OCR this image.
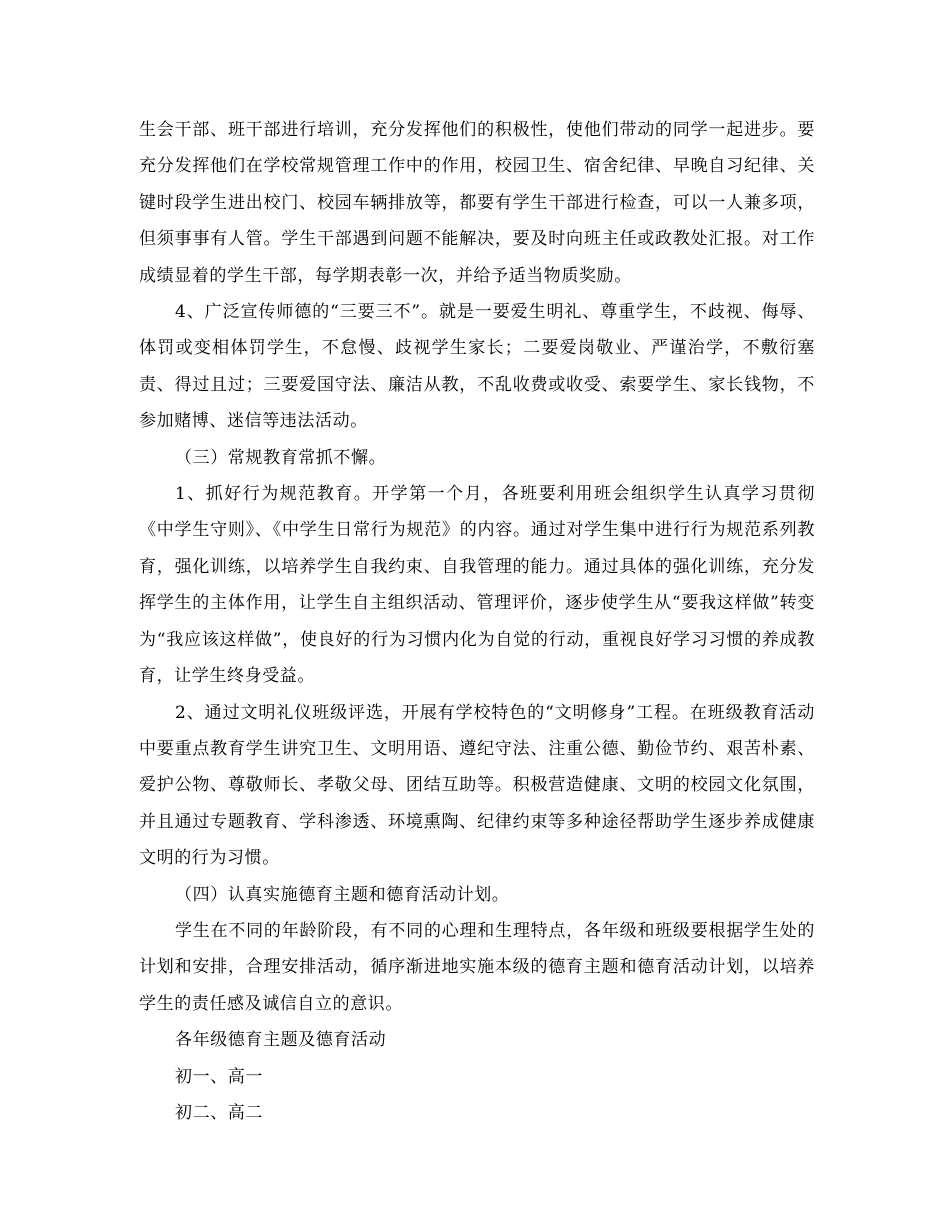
生会干部、班干部进行培训，充分发挥他们的积极性，使他们带动的同学一起进步。要充分发挥他们在学校常规管理工作中的作用，校园卫生、宿舍纪律、早晚自习纪律、关键时段学生进出校门、校园车辆排放等，都要有学生干部进行检查，可以一人兼多项，但须事事有人管。学生干部遇到问题不能解决，要及时向班主任或政教处汇报。对工作成绩显着的学生干部，每学期表彰一次，并给予适当物质奖励。

4、广泛宣传师德的“三要三不”。就是一要爱生明礼、尊重学生，不歧视、侮辱、体罚或变相体罚学生，不怠慢、歧视学生家长；二要爱岗敬业、严谨治学，不敷衍塞责、得过且过；三要爱国守法、廉洁从教，不乱收费或收受、索要学生、家长钱物，不参加赌博、迷信等违法活动。

（三）常规教育常抓不懈。

1、抓好行为规范教育。开学第一个月，各班要利用班会组织学生认真学习贯彻《中学生守则》、《中学生日常行为规范》的内容。通过对学生集中进行行为规范系列教育，强化训练，以培养学生自我约束、自我管理的能力。通过具体的强化训练，充分发挥学生的主体作用，让学生自主组织活动、管理评价，逐步使学生从“要我这样做”转变为“我应该这样做”，使良好的行为习惯内化为自觉的行动，重视良好学习习惯的养成教育，让学生终身受益。

2、通过文明礼仪班级评选，开展有学校特色的“文明修身”工程。在班级教育活动中要重点教育学生讲究卫生、文明用语、遵纪守法、注重公德、勤俭节约、艰苦朴素、爱护公物、尊敬师长、孝敬父母、团结互助等。积极营造健康、文明的校园文化氛围，并且通过专题教育、学科渗透、环境熏陶、纪律约束等多种途径帮助学生逐步养成健康文明的行为习惯。

（四）认真实施德育主题和德育活动计划。

学生在不同的年龄阶段，有不同的心理和生理特点，各年级和班级要根据学生处的计划和安排，合理安排活动，循序渐进地实施本级的德育主题和德育活动计划，以培养学生的责任感及诚信自立的意识。

各年级德育主题及德育活动

初一、高一

初二、高二
